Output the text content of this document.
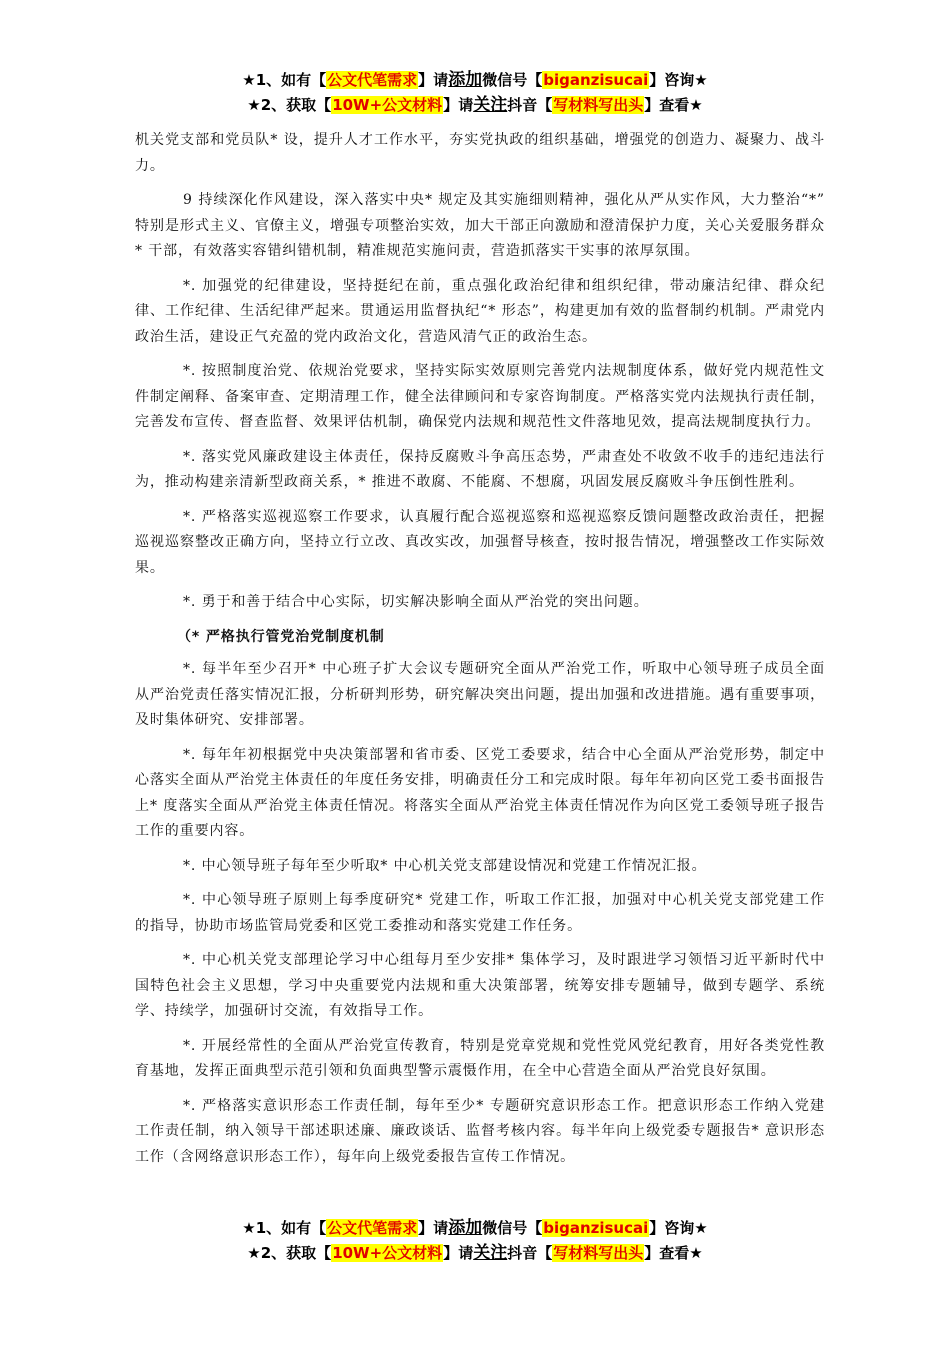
★1、如有【公文代笔需求】请添加微信号【biganzisucai】咨询★
★2、获取【10W+公文材料】请关注抖音【写材料写出头】查看★

机关党支部和党员队* 设，提升人才工作水平，夯实党执政的组织基础，增强党的创造力、凝聚力、战斗力。

9 持续深化作风建设，深入落实中央* 规定及其实施细则精神，强化从严从实作风，大力整治“*” 特别是形式主义、官僚主义，增强专项整治实效，加大干部正向激励和澄清保护力度，关心关爱服务群众* 干部，有效落实容错纠错机制，精准规范实施问责，营造抓落实干实事的浓厚氛围。

*. 加强党的纪律建设，坚持挺纪在前，重点强化政治纪律和组织纪律，带动廉洁纪律、群众纪律、工作纪律、生活纪律严起来。贯通运用监督执纪“* 形态”，构建更加有效的监督制约机制。严肃党内政治生活，建设正气充盈的党内政治文化，营造风清气正的政治生态。

*. 按照制度治党、依规治党要求，坚持实际实效原则完善党内法规制度体系，做好党内规范性文件制定阐释、备案审查、定期清理工作，健全法律顾问和专家咨询制度。严格落实党内法规执行责任制，完善发布宣传、督查监督、效果评估机制，确保党内法规和规范性文件落地见效，提高法规制度执行力。

*. 落实党风廉政建设主体责任，保持反腐败斗争高压态势，严肃查处不收敛不收手的违纪违法行为，推动构建亲清新型政商关系，* 推进不敢腐、不能腐、不想腐，巩固发展反腐败斗争压倒性胜利。

*. 严格落实巡视巡察工作要求，认真履行配合巡视巡察和巡视巡察反馈问题整改政治责任，把握巡视巡察整改正确方向，坚持立行立改、真改实改，加强督导核查，按时报告情况，增强整改工作实际效果。

*. 勇于和善于结合中心实际，切实解决影响全面从严治党的突出问题。

（* 严格执行管党治党制度机制

*. 每半年至少召开* 中心班子扩大会议专题研究全面从严治党工作，听取中心领导班子成员全面从严治党责任落实情况汇报，分析研判形势，研究解决突出问题，提出加强和改进措施。遇有重要事项，及时集体研究、安排部署。

*. 每年年初根据党中央决策部署和省市委、区党工委要求，结合中心全面从严治党形势，制定中心落实全面从严治党主体责任的年度任务安排，明确责任分工和完成时限。每年年初向区党工委书面报告上* 度落实全面从严治党主体责任情况。将落实全面从严治党主体责任情况作为向区党工委领导班子报告工作的重要内容。

*. 中心领导班子每年至少听取* 中心机关党支部建设情况和党建工作情况汇报。

*. 中心领导班子原则上每季度研究* 党建工作，听取工作汇报，加强对中心机关党支部党建工作的指导，协助市场监管局党委和区党工委推动和落实党建工作任务。

*. 中心机关党支部理论学习中心组每月至少安排* 集体学习，及时跟进学习领悟习近平新时代中国特色社会主义思想，学习中央重要党内法规和重大决策部署，统筹安排专题辅导，做到专题学、系统学、持续学，加强研讨交流，有效指导工作。

*. 开展经常性的全面从严治党宣传教育，特别是党章党规和党性党风党纪教育，用好各类党性教育基地，发挥正面典型示范引领和负面典型警示震慑作用，在全中心营造全面从严治党良好氛围。

*. 严格落实意识形态工作责任制，每年至少* 专题研究意识形态工作。把意识形态工作纳入党建工作责任制，纳入领导干部述职述廉、廉政谈话、监督考核内容。每半年向上级党委专题报告* 意识形态工作（含网络意识形态工作），每年向上级党委报告宣传工作情况。

★1、如有【公文代笔需求】请添加微信号【biganzisucai】咨询★
★2、获取【10W+公文材料】请关注抖音【写材料写出头】查看★
